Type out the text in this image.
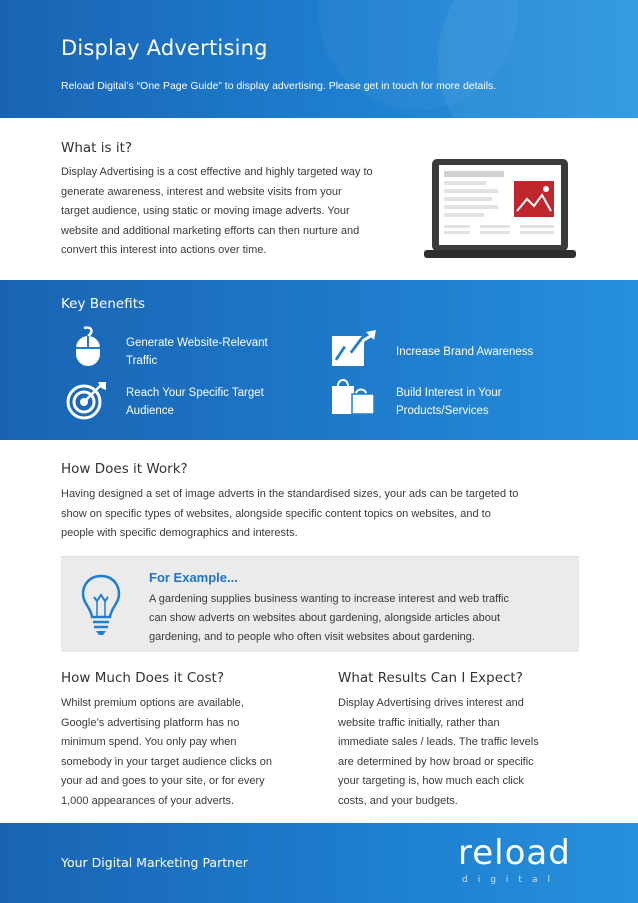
Display Advertising

Reload Digital’s “One Page Guide” to display advertising. Please get in touch for more details.

What is it?
Display Advertising is a cost effective and highly targeted way to
generate awareness, interest and website visits from your
target audience, using static or moving image adverts. Your
website and additional marketing efforts can then nurture and
convert this interest into actions over time.
Key Benefits
Generate Website-Relevant
Traffic
Increase Brand Awareness
Reach Your Specific Target
Audience
Build Interest in Your
Products/Services
How Does it Work?
Having designed a set of image adverts in the standardised sizes, your ads can be targeted to
show on specific types of websites, alongside specific content topics on websites, and to
people with specific demographics and interests.
For Example...
A gardening supplies business wanting to increase interest and web traffic
can show adverts on websites about gardening, alongside articles about
gardening, and to people who often visit websites about gardening.
How Much Does it Cost?
Whilst premium options are available,
Google’s advertising platform has no
minimum spend. You only pay when
somebody in your target audience clicks on
your ad and goes to your site, or for every
1,000 appearances of your adverts.
What Results Can I Expect?
Display Advertising drives interest and
website traffic initially, rather than
immediate sales / leads. The traffic levels
are determined by how broad or specific
your targeting is, how much each click
costs, and your budgets.
Your Digital Marketing Partner	reload
digital
